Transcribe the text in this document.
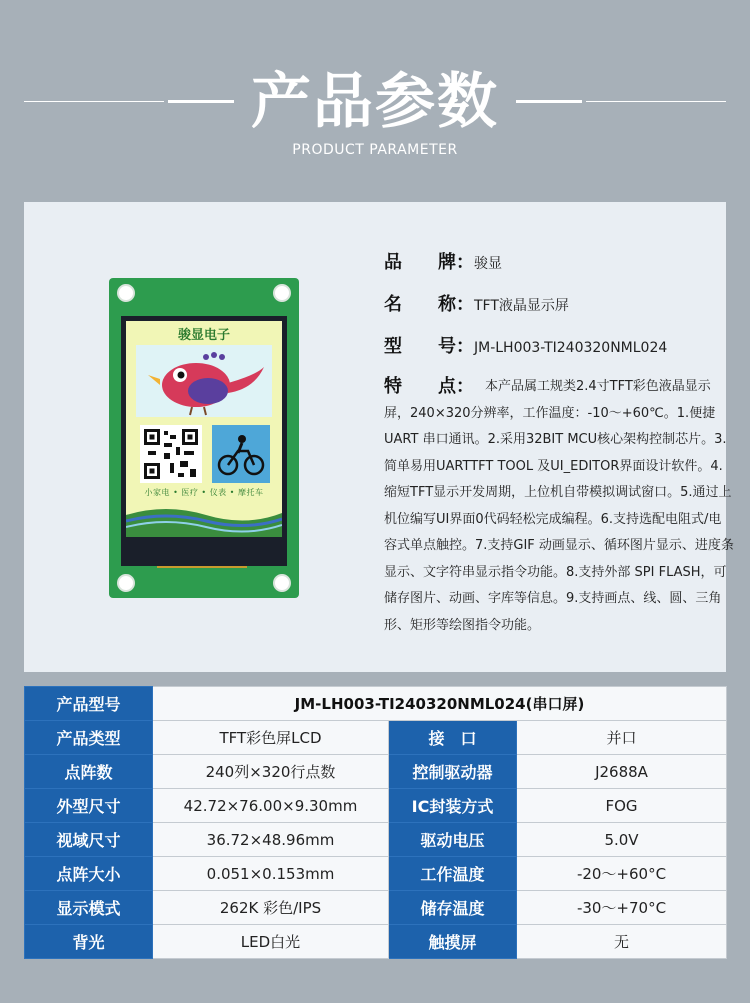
产品参数
PRODUCT PARAMETER
骏显电子
小家电 • 医疗 • 仪表 • 摩托车
品　　牌：骏显
名　　称：TFT液晶显示屏
型　　号：JM-LH003-TI240320NML024
特　　点： 本产品属工规类2.4寸TFT彩色液晶显示屏，240×320分辨率，工作温度：-10～+60℃。1.便捷 UART 串口通讯。2.采用32BIT MCU核心架构控制芯片。3.简单易用UARTTFT TOOL 及UI_EDITOR界面设计软件。4.缩短TFT显示开发周期，上位机自带模拟调试窗口。5.通过上机位编写UI界面0代码轻松完成编程。6.支持选配电阻式/电容式单点触控。7.支持GIF 动画显示、循环图片显示、进度条显示、文字符串显示指令功能。8.支持外部 SPI FLASH，可储存图片、动画、字库等信息。9.支持画点、线、圆、三角形、矩形等绘图指令功能。
产品型号	JM-LH003-TI240320NML024(串口屏)		
产品类型	TFT彩色屏LCD	接　口	并口
点阵数	240列×320行点数	控制驱动器	J2688A
外型尺寸	42.72×76.00×9.30mm	IC封装方式	FOG
视域尺寸	36.72×48.96mm	驱动电压	5.0V
点阵大小	0.051×0.153mm	工作温度	-20～+60°C
显示模式	262K 彩色/IPS	储存温度	-30～+70°C
背光	LED白光	触摸屏	无
